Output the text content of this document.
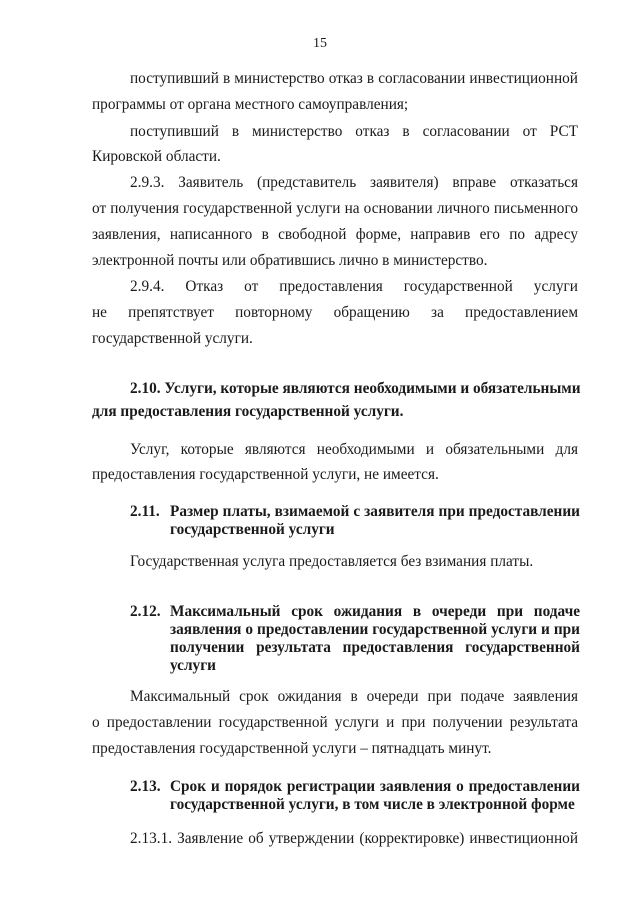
15
поступивший в министерство отказ в согласовании инвестиционной
программы от органа местного самоуправления;
поступивший в министерство отказ в согласовании от РСТ
Кировской области.
2.9.3. Заявитель (представитель заявителя) вправе отказаться
от получения государственной услуги на основании личного письменного
заявления, написанного в свободной форме, направив его по адресу
электронной почты или обратившись лично в министерство.
2.9.4. Отказ от предоставления государственной услуги
не препятствует повторному обращению за предоставлением
государственной услуги.
2.10. Услуги, которые являются необходимыми и обязательными
для предоставления государственной услуги.
Услуг, которые являются необходимыми и обязательными для
предоставления государственной услуги, не имеется.
2.11. Размер платы, взимаемой с заявителя при предоставлении
государственной услуги
Государственная услуга предоставляется без взимания платы.
2.12. Максимальный срок ожидания в очереди при подаче
заявления о предоставлении государственной услуги и при
получении результата предоставления государственной
услуги
Максимальный срок ожидания в очереди при подаче заявления
о предоставлении государственной услуги и при получении результата
предоставления государственной услуги – пятнадцать минут.
2.13. Срок и порядок регистрации заявления о предоставлении
государственной услуги, в том числе в электронной форме
2.13.1. Заявление об утверждении (корректировке) инвестиционной
